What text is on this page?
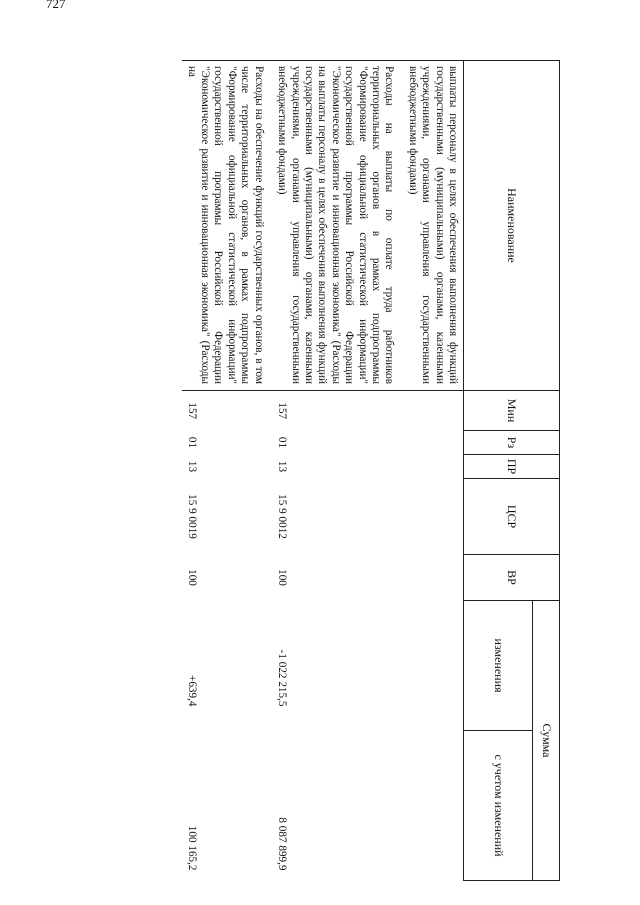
727
Наименование	Мин	Рз	ПР	ЦСР	ВР	Сумма	
						изменения	с учетом изменений
выплаты персоналу в целях обеспечения выполнения функций государственными (муниципальными) органами, казенными учреждениями, органами управления государственными внебюджетными фондами)							
Расходы на выплаты по оплате труда работников территориальных органов в рамках подпрограммы "Формирование официальной статистической информации" государственной программы Российской Федерации "Экономическое развитие и инновационная экономика" (Расходы на выплаты персоналу в целях обеспечения выполнения функций государственными (муниципальными) органами, казенными учреждениями, органами управления государственными внебюджетными фондами)	157	01	13	15 9 0012	100	-1 022 215,5	8 087 899,9
Расходы на обеспечение функций государственных органов, в том числе территориальных органов, в рамках подпрограммы "Формирование официальной статистической информации" государственной программы Российской Федерации "Экономическое развитие и инновационная экономика" (Расходы на	157	01	13	15 9 0019	100	+639,4	100 165,2
